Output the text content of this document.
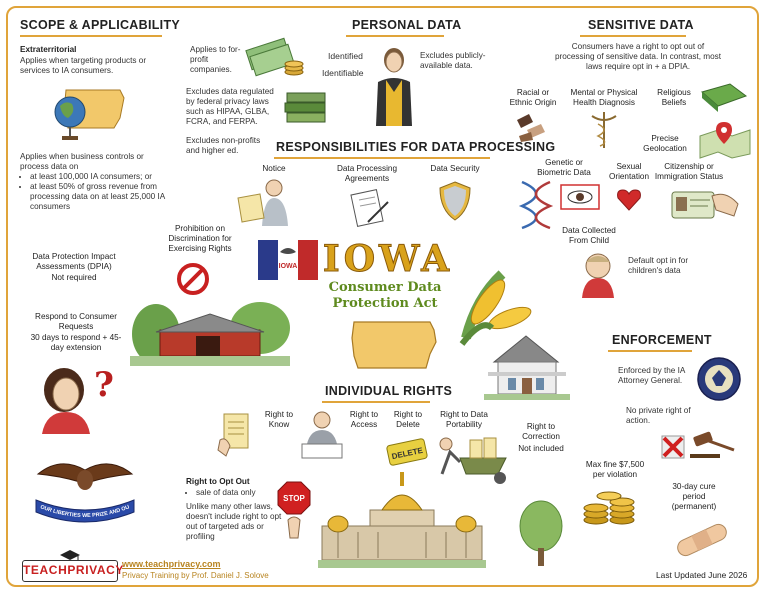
SCOPE & APPLICABILITY
Extraterritorial
Applies when targeting products or services to IA consumers.
Applies to for-profit companies.
Excludes data regulated by federal privacy laws such as HIPAA, GLBA, FCRA, and FERPA.
Excludes non-profits and higher ed.
Applies when business controls or process data on
• at least 100,000 IA consumers; or
• at least 50% of gross revenue from processing data on at least 25,000 IA consumers
PERSONAL DATA
Identified
Identifiable
Excludes publicly-available data.
SENSITIVE DATA
Consumers have a right to opt out of processing of sensitive data. In contrast, most laws require opt in + a DPIA.
Racial or Ethnic Origin
Mental or Physical Health Diagnosis
Religious Beliefs
Precise Geolocation
Genetic or Biometric Data
Sexual Orientation
Citizenship or Immigration Status
Data Collected From Child
Default opt in for children's data
RESPONSIBILITIES FOR DATA PROCESSING
Notice	Data Processing Agreements
Data Security
Prohibition on Discrimination for Exercising Rights
Data Protection Impact Assessments (DPIA)
Not required
Respond to Consumer Requests
30 days to respond + 45-day extension
?
IOWA IOWA
Consumer Data
Protection Act
ENFORCEMENT
Enforced by the IA Attorney General.
No private right of action.
Max fine $7,500 per violation
30-day cure period (permanent)
INDIVIDUAL RIGHTS
Right to Know
Right to Access
Right to Delete
DELETE
Right to Data Portability	Right to Correction
Not included
Right to Opt Out
• sale of data only
Unlike many other laws, doesn't include right to opt out of targeted ads or profiling
STOP
OUR LIBERTIES WE PRIZE AND OUR RIGHTS WE WILL MAINTAIN
TEACHPRIVACY
www.teachprivacy.com
Privacy Training by Prof. Daniel J. Solove	Last Updated June 2026
